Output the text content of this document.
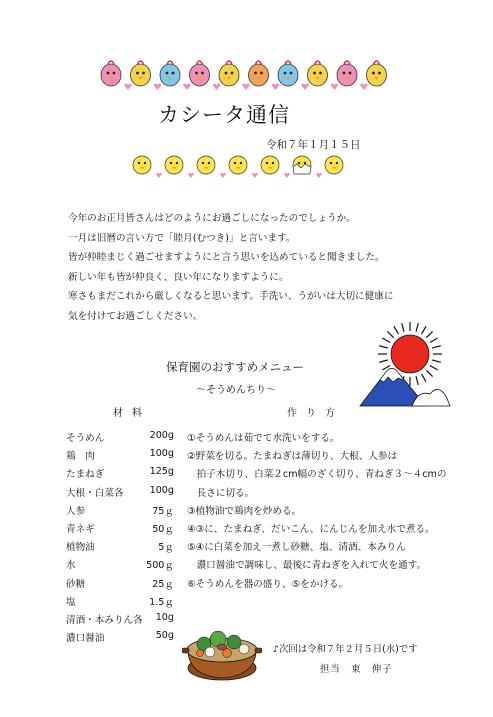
カシータ通信
令和７年１月１５日
今年のお正月皆さんはどのようにお過ごしになったのでしょうか。
一月は旧暦の言い方で「睦月(むつき)」と言います。
皆が仲睦まじく過ごせますようにと言う思いを込めていると聞きました。
新しい年も皆が仲良く、良い年になりますように。
寒さもまだこれから厳しくなると思います。手洗い、うがいは大切に健康に
気を付けてお過ごしください。
保育園のおすすめメニュー
～そうめんちり～
材料	作り方
そうめん	200g
鶏　肉	100g
たまねぎ	125g
大根・白菜各	100g
人参	75ｇ
青ネギ	50ｇ
植物油	5ｇ
水	500ｇ
砂糖	25ｇ
塩	1.5ｇ
清酒・本みりん各 10g
濃口醤油	50g
①そうめんは茹でて水洗いをする。
②野菜を切る。たまねぎは薄切り、大根、人参は
　拍子木切り、白菜２cm幅のざく切り、青ねぎ３～４cmの
　長さに切る。
③植物油で鶏肉を炒める。
④③に、たまねぎ、だいこん、にんじんを加え水で煮る。
⑤④に白菜を加え一煮し砂糖、塩、清酒、本みりん
　濃口醤油で調味し、最後に青ねぎを入れて火を通す。
⑥そうめんを器の盛り、⑤をかける。
♪次回は令和７年２月５日(水)です
担当　東　伸子
